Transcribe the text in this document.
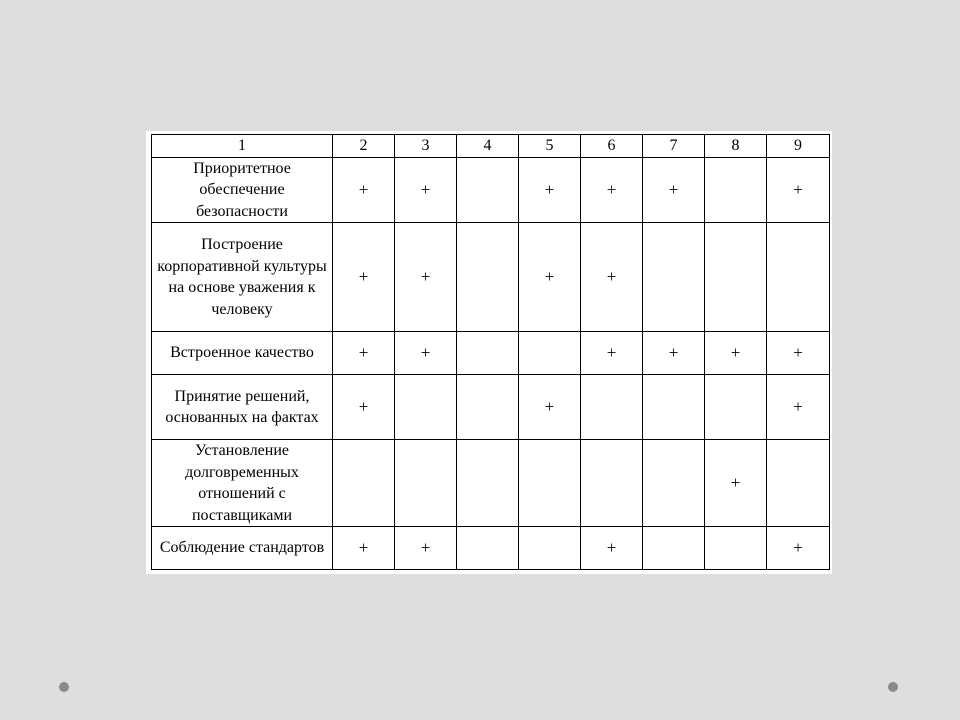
1	2	3	4	5	6	7	8	9
Приоритетное обеспечение безопасности	+	+		+	+	+		+
Построение корпоративной культуры на основе уважения к человеку	+	+		+	+			
Встроенное качество	+	+			+	+	+	+
Принятие решений, основанных на фактах	+			+				+
Установление долговременных отношений с поставщиками							+	
Соблюдение стандартов	+	+			+			+
